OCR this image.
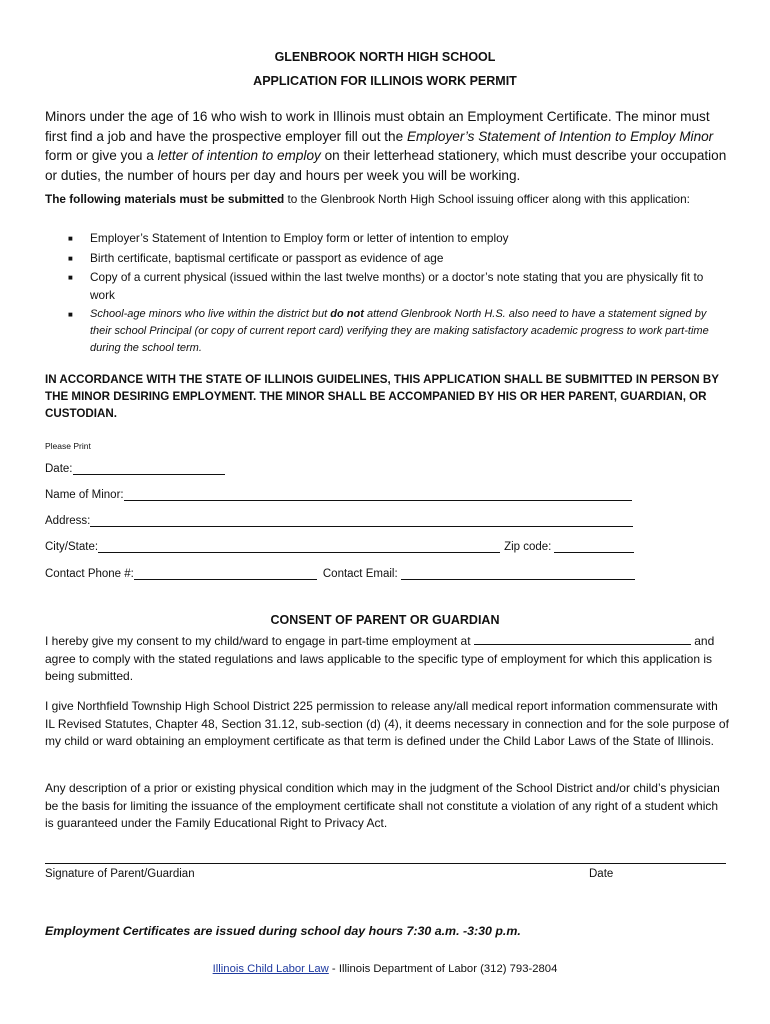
GLENBROOK NORTH HIGH SCHOOL
APPLICATION FOR ILLINOIS WORK PERMIT
Minors under the age of 16 who wish to work in Illinois must obtain an Employment Certificate. The minor must first find a job and have the prospective employer fill out the Employer’s Statement of Intention to Employ Minor form or give you a letter of intention to employ on their letterhead stationery, which must describe your occupation or duties, the number of hours per day and hours per week you will be working.
The following materials must be submitted to the Glenbrook North High School issuing officer along with this application:
■ Employer’s Statement of Intention to Employ form or letter of intention to employ
■ Birth certificate, baptismal certificate or passport as evidence of age
■ Copy of a current physical (issued within the last twelve months) or a doctor’s note stating that you are physically fit to work
■ School-age minors who live within the district but do not attend Glenbrook North H.S. also need to have a statement signed by their school Principal (or copy of current report card) verifying they are making satisfactory academic progress to work part-time during the school term.
IN ACCORDANCE WITH THE STATE OF ILLINOIS GUIDELINES, THIS APPLICATION SHALL BE SUBMITTED IN PERSON BY THE MINOR DESIRING EMPLOYMENT. THE MINOR SHALL BE ACCOMPANIED BY HIS OR HER PARENT, GUARDIAN, OR CUSTODIAN.
Please Print
Date:
Name of Minor:
Address:
City/State:	Zip code:
Contact Phone #:	Contact Email:
CONSENT OF PARENT OR GUARDIAN
I hereby give my consent to my child/ward to engage in part-time employment at	and agree to comply with the stated regulations and laws applicable to the specific type of employment for which this application is being submitted.
I give Northfield Township High School District 225 permission to release any/all medical report information commensurate with IL Revised Statutes, Chapter 48, Section 31.12, sub-section (d) (4), it deems necessary in connection and for the sole purpose of my child or ward obtaining an employment certificate as that term is defined under the Child Labor Laws of the State of Illinois.
Any description of a prior or existing physical condition which may in the judgment of the School District and/or child’s physician be the basis for limiting the issuance of the employment certificate shall not constitute a violation of any right of a student which is guaranteed under the Family Educational Right to Privacy Act.
Signature of Parent/Guardian	Date
Employment Certificates are issued during school day hours 7:30 a.m. -3:30 p.m.
Illinois Child Labor Law - Illinois Department of Labor (312) 793-2804
